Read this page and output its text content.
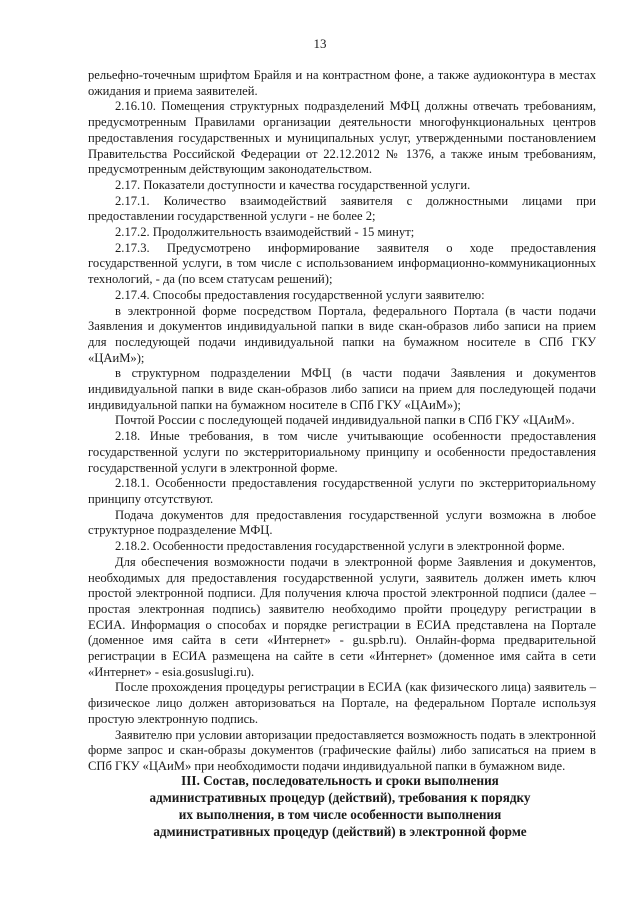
13

рельефно-точечным шрифтом Брайля и на контрастном фоне, а также аудиоконтура в местах ожидания и приема заявителей.

2.16.10. Помещения структурных подразделений МФЦ должны отвечать требованиям, предусмотренным Правилами организации деятельности многофункциональных центров предоставления государственных и муниципальных услуг, утвержденными постановлением Правительства Российской Федерации от 22.12.2012 № 1376, а также иным требованиям, предусмотренным действующим законодательством.

2.17. Показатели доступности и качества государственной услуги.

2.17.1. Количество взаимодействий заявителя с должностными лицами при предоставлении государственной услуги - не более 2;

2.17.2. Продолжительность взаимодействий - 15 минут;

2.17.3. Предусмотрено информирование заявителя о ходе предоставления государственной услуги, в том числе с использованием информационно-коммуникационных технологий, - да (по всем статусам решений);

2.17.4. Способы предоставления государственной услуги заявителю:

в электронной форме посредством Портала, федерального Портала (в части подачи Заявления и документов индивидуальной папки в виде скан-образов либо записи на прием для последующей подачи индивидуальной папки на бумажном носителе в СПб ГКУ «ЦАиМ»);

в структурном подразделении МФЦ (в части подачи Заявления и документов индивидуальной папки в виде скан-образов либо записи на прием для последующей подачи индивидуальной папки на бумажном носителе в СПб ГКУ «ЦАиМ»);

Почтой России с последующей подачей индивидуальной папки в СПб ГКУ «ЦАиМ».

2.18. Иные требования, в том числе учитывающие особенности предоставления государственной услуги по экстерриториальному принципу и особенности предоставления государственной услуги в электронной форме.

2.18.1. Особенности предоставления государственной услуги по экстерриториальному принципу отсутствуют.

Подача документов для предоставления государственной услуги возможна в любое структурное подразделение МФЦ.

2.18.2. Особенности предоставления государственной услуги в электронной форме.

Для обеспечения возможности подачи в электронной форме Заявления и документов, необходимых для предоставления государственной услуги, заявитель должен иметь ключ простой электронной подписи. Для получения ключа простой электронной подписи (далее – простая электронная подпись) заявителю необходимо пройти процедуру регистрации в ЕСИА. Информация о способах и порядке регистрации в ЕСИА представлена на Портале (доменное имя сайта в сети «Интернет» - gu.spb.ru). Онлайн-форма предварительной регистрации в ЕСИА размещена на сайте в сети «Интернет» (доменное имя сайта в сети «Интернет» - esia.gosuslugi.ru).

После прохождения процедуры регистрации в ЕСИА (как физического лица) заявитель – физическое лицо должен авторизоваться на Портале, на федеральном Портале используя простую электронную подпись.

Заявителю при условии авторизации предоставляется возможность подать в электронной форме запрос и скан-образы документов (графические файлы) либо записаться на прием в СПб ГКУ «ЦАиМ» при необходимости подачи индивидуальной папки в бумажном виде.

III. Состав, последовательность и сроки выполнения
административных процедур (действий), требования к порядку
их выполнения, в том числе особенности выполнения
административных процедур (действий) в электронной форме
